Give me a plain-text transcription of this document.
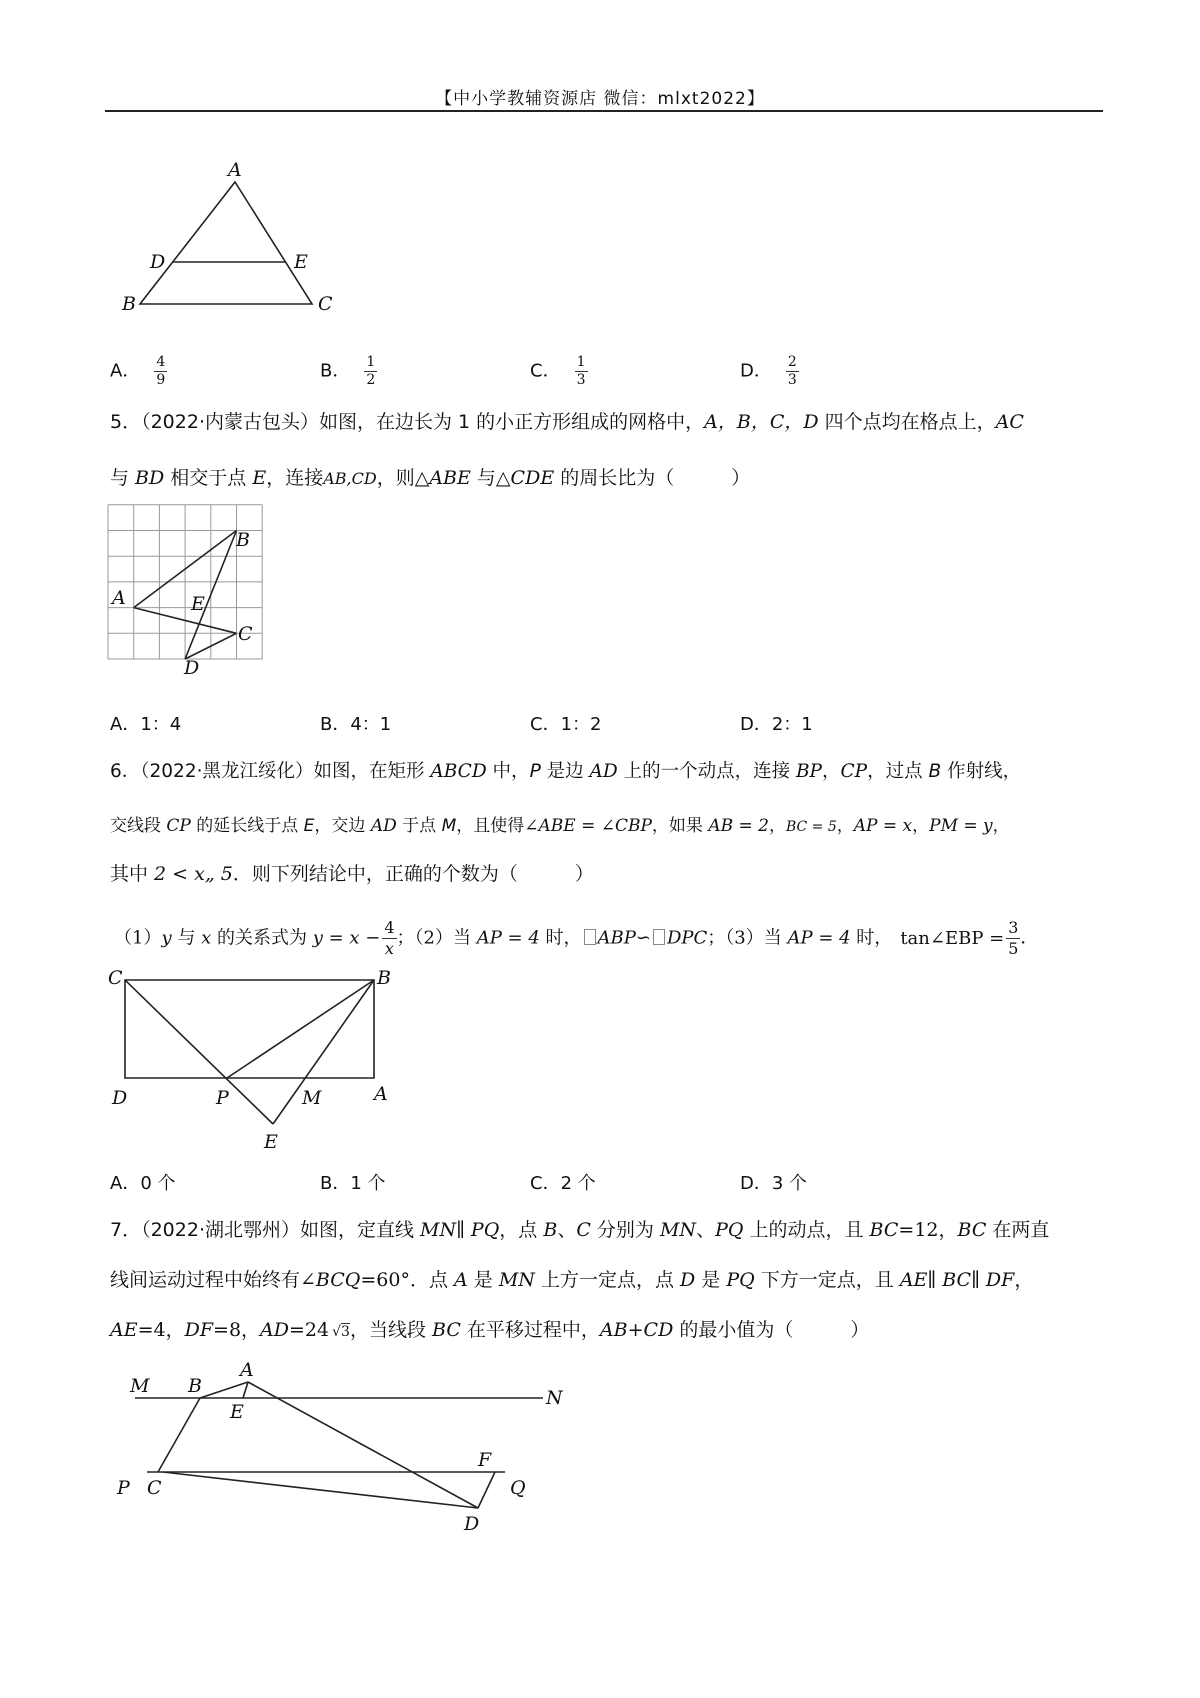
【中小学教辅资源店 微信：mlxt2022】
A
B	C
D	E
A
B
C
D
E
C	B
D	A
P	M
E
M B
A
E
N
P C
F
Q
D
A． $\frac{4}{9}$	B． $\frac{1}{2}$	C． $\frac{1}{3}$	D． $\frac{2}{3}$
5．（2022·内蒙古包头）如图，在边长为 1 的小正方形组成的网格中，A，B，C，D 四个点均在格点上，AC
与 BD 相交于点 E，连接AB,CD，则△ABE 与△CDE 的周长比为（　　　）
A．1：4	B．4：1	C．1：2	D．2：1
6．（2022·黑龙江绥化）如图，在矩形 ABCD 中，P 是边 AD 上的一个动点，连接 BP，CP，过点 B 作射线，
交线段 CP 的延长线于点 E，交边 AD 于点 M，且使得∠ABE = ∠CBP，如果 AB = 2，BC = 5，AP = x，PM = y，
其中 2 < x„ 5．则下列结论中，正确的个数为（　　　）
（1）y 与 x 的关系式为 $y = x - \frac{4}{x}$ ；（2）当 AP = 4 时， ABP∽ DPC；（3）当 AP = 4 时， tan∠EBP = $\frac{3}{5}$ ．
A．0 个	B．1 个	C．2 个	D．3 个
7．（2022·湖北鄂州）如图，定直线 MN∥ PQ，点 B、C 分别为 MN、PQ 上的动点，且 BC=12，BC 在两直
线间运动过程中始终有∠BCQ=60°．点 A 是 MN 上方一定点，点 D 是 PQ 下方一定点，且 AE∥ BC∥ DF，
AE=4，DF=8，AD=24 √3，当线段 BC 在平移过程中，AB+CD 的最小值为（　　　）
